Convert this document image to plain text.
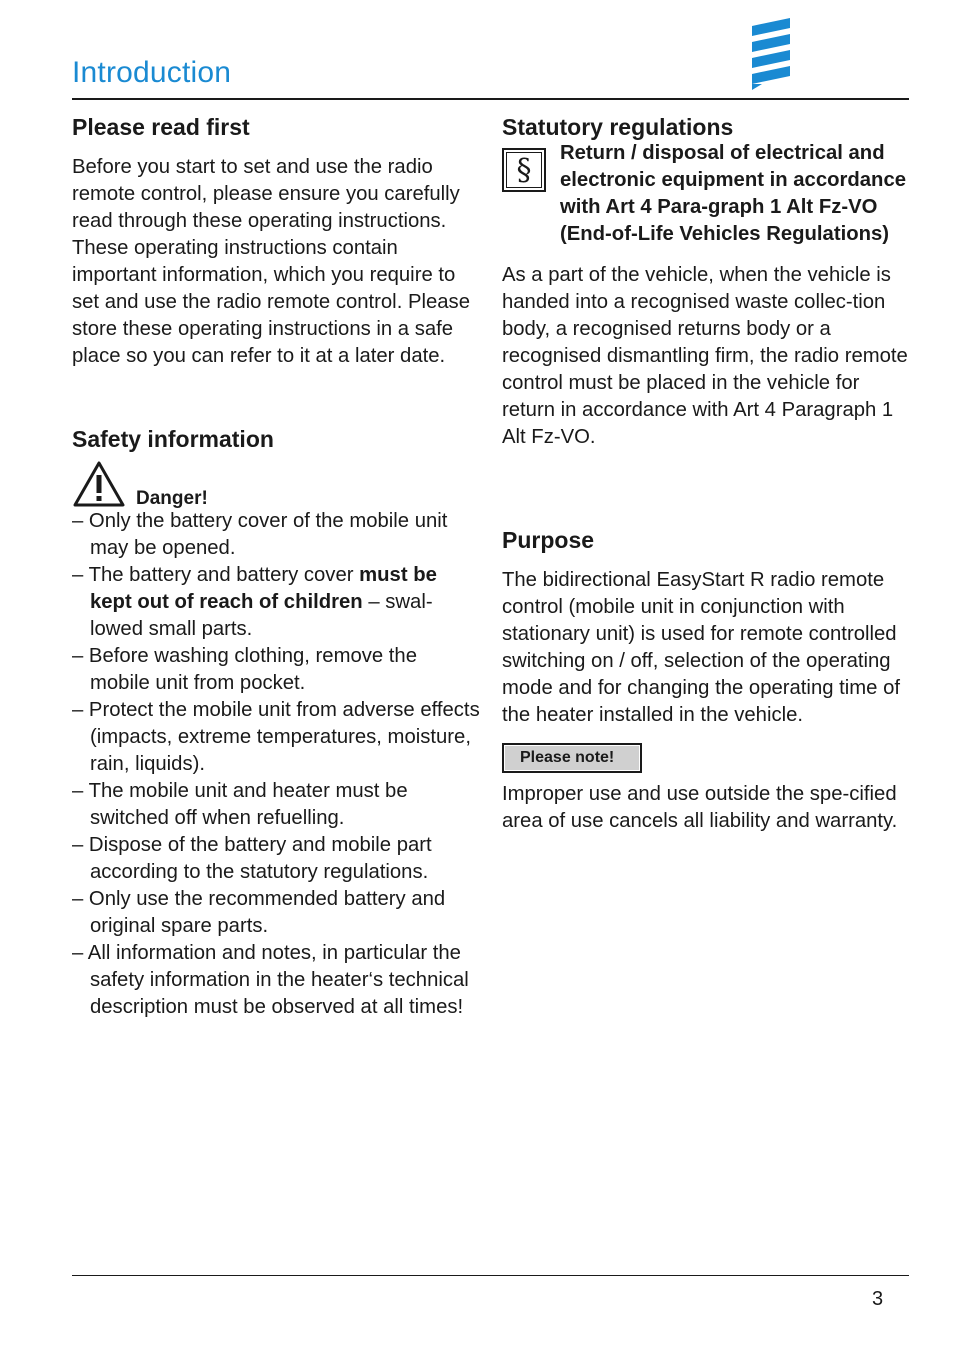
Introduction
Please read first

Before you start to set and use the radio remote control, please ensure you carefully read through these operating instructions.

These operating instructions contain important information, which you require to set and use the radio remote control. Please store these operating instructions in a safe place so you can refer to it at a later date.

Safety information
Danger!
– Only the battery cover of the mobile unit may be opened.
– The battery and battery cover must be kept out of reach of children – swal-lowed small parts.
– Before washing clothing, remove the mobile unit from pocket.
– Protect the mobile unit from adverse effects (impacts, extreme temperatures, moisture, rain, liquids).
– The mobile unit and heater must be switched off when refuelling.
– Dispose of the battery and mobile part according to the statutory regulations.
– Only use the recommended battery and original spare parts.
– All information and notes, in particular the safety information in the heater‘s technical description must be observed at all times!
Statutory regulations
§	Return / disposal of electrical and electronic equipment in accordance with Art 4 Para-graph 1 Alt Fz-VO (End-of-Life Vehicles Regulations)

As a part of the vehicle, when the vehicle is handed into a recognised waste collec-tion body, a recognised returns body or a recognised dismantling firm, the radio remote control must be placed in the vehicle for return in accordance with Art 4 Paragraph 1 Alt Fz-VO.

Purpose

The bidirectional EasyStart R radio remote control (mobile unit in conjunction with stationary unit) is used for remote controlled switching on / off, selection of the operating mode and for changing the operating time of the heater installed in the vehicle.

Please note!

Improper use and use outside the spe-cified area of use cancels all liability and warranty.

3
